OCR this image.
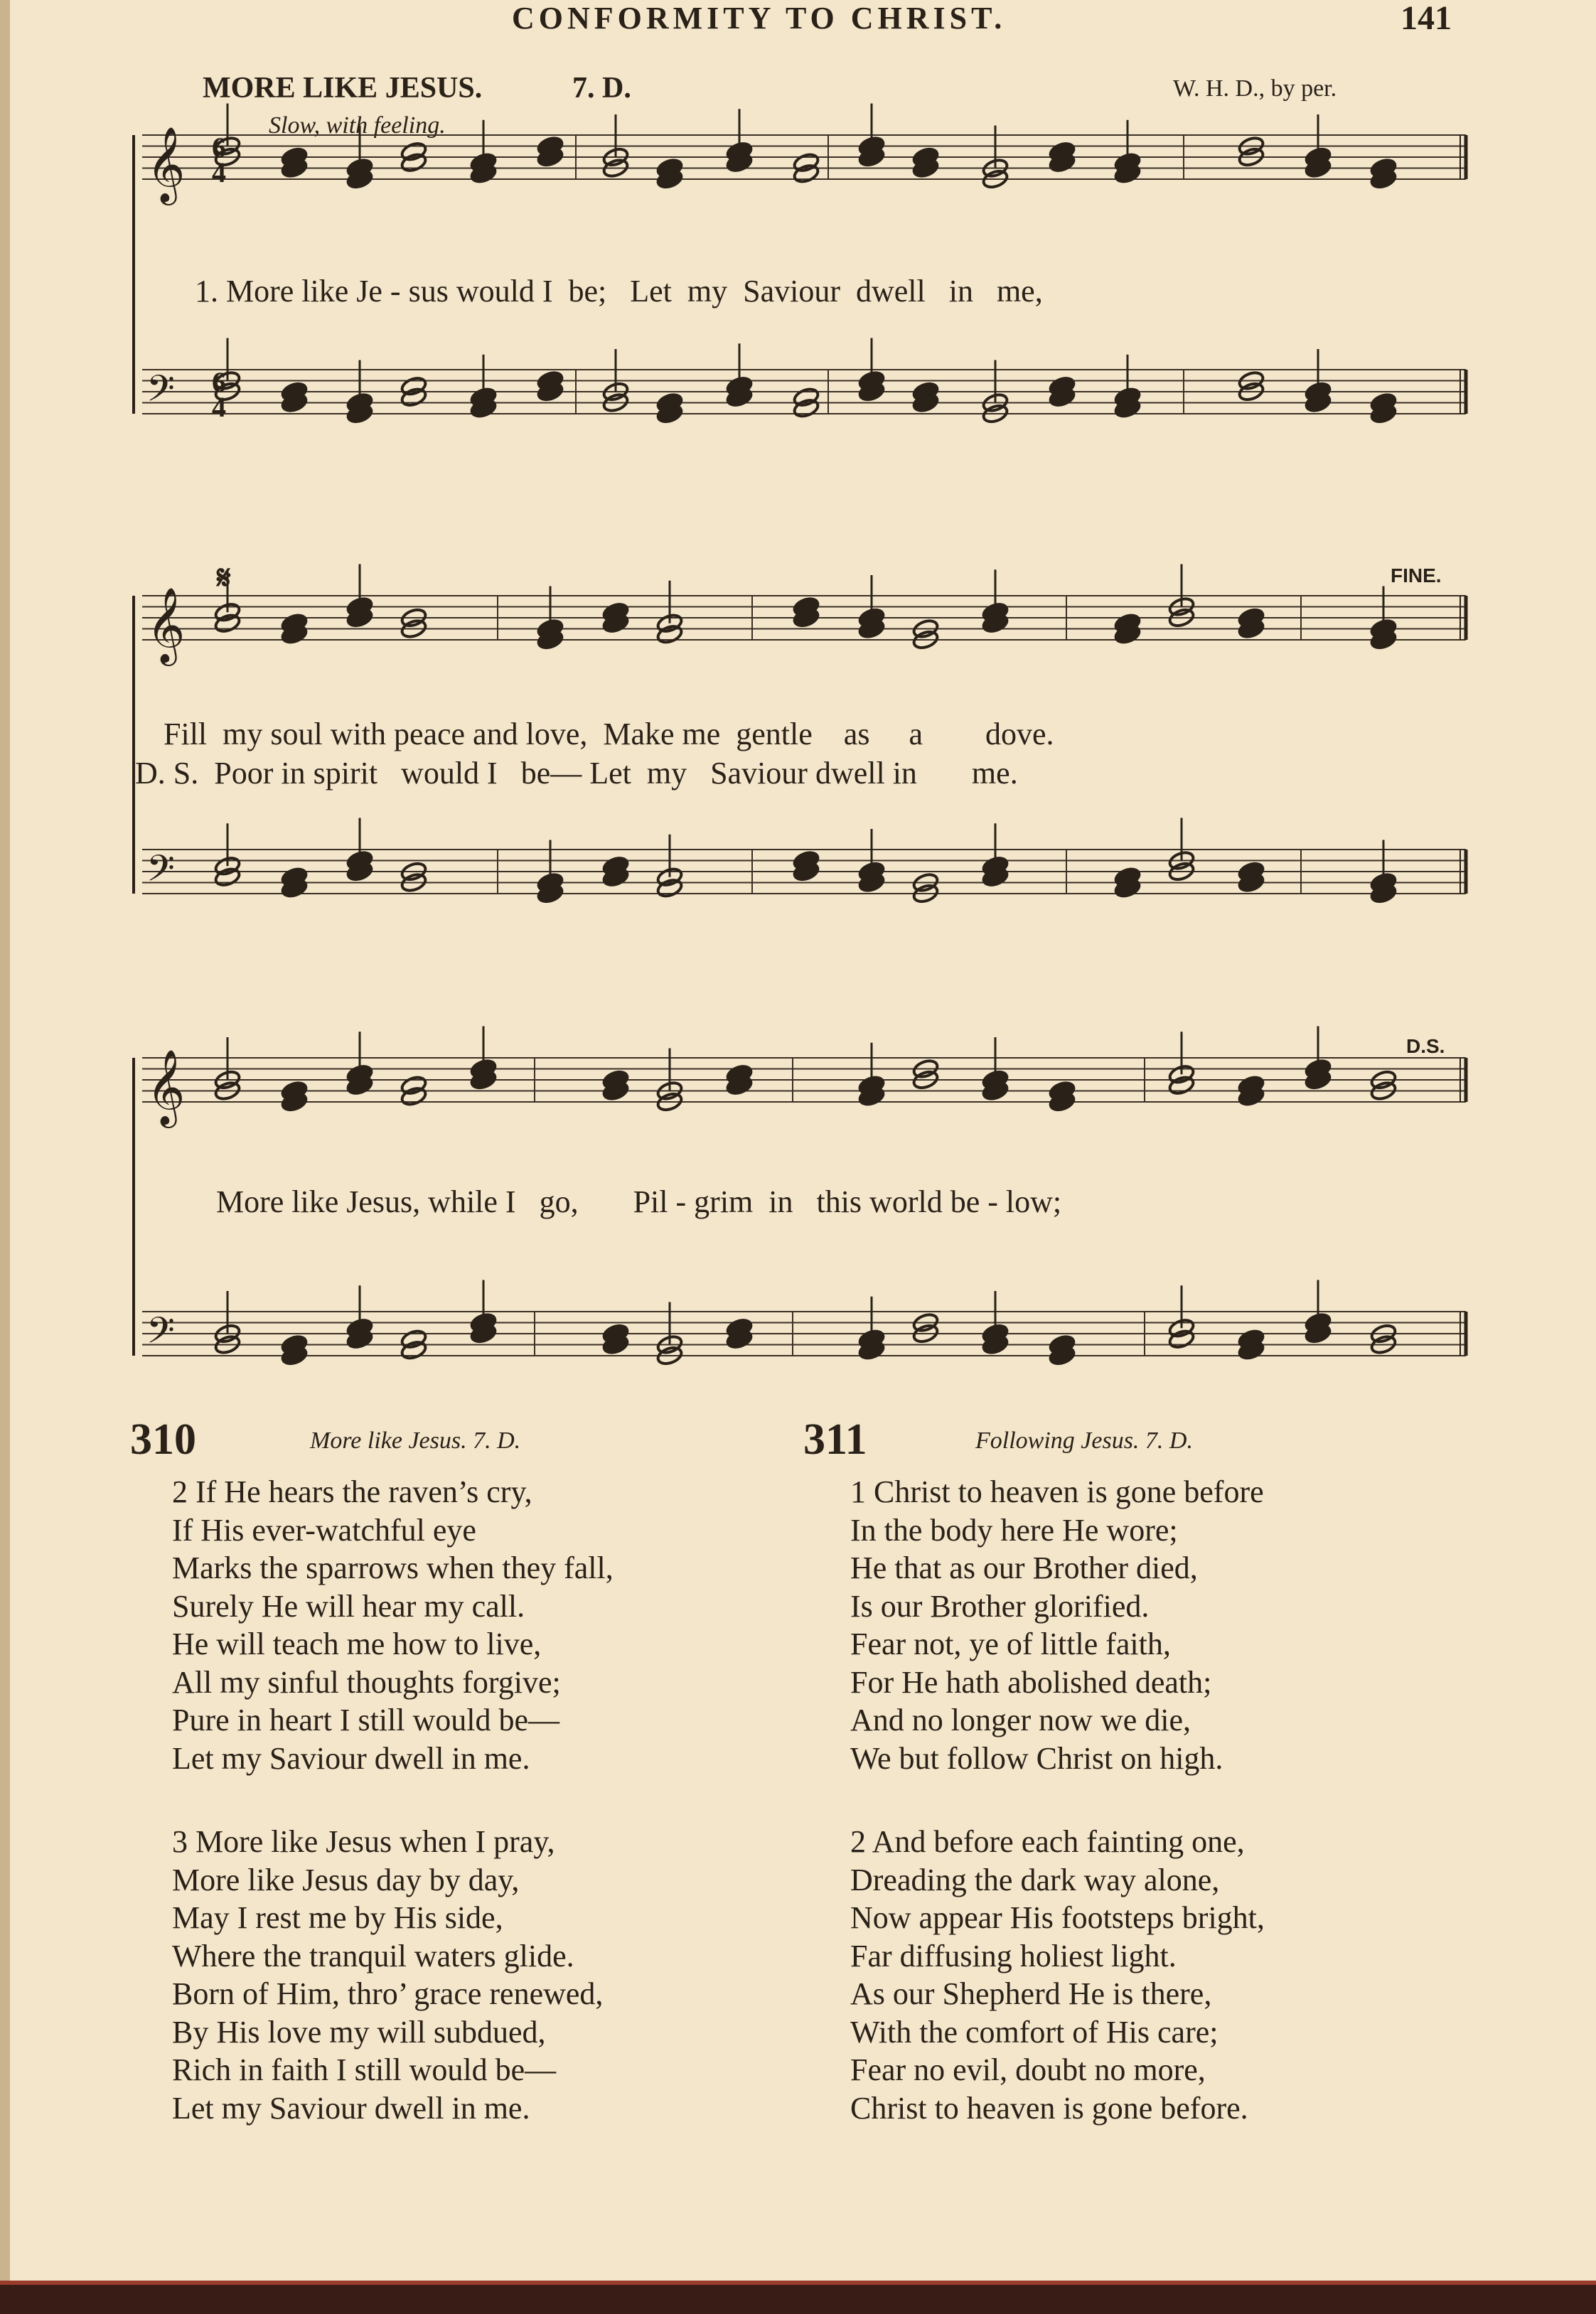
CONFORMITY TO CHRIST.	141
MORE LIKE JESUS.	7. D.	W. H. D., by per.
Slow, with feeling.
𝄞
𝄢
𝄞
𝄢
𝄞
𝄢
6
4
6
4
𝄋	FINE.
D.S.
1. More like Je - sus would I  be;   Let  my  Saviour  dwell   in   me,
Fill  my soul with peace and love,  Make me  gentle    as     a        dove.
D. S.  Poor in spirit   would I   be— Let  my   Saviour dwell in       me.
More like Jesus, while I   go,       Pil - grim  in   this world be - low;
310	More like Jesus. 7. D.	311	Following Jesus. 7. D.
2 If He hears the raven’s cry,
If His ever-watchful eye
Marks the sparrows when they fall,
Surely He will hear my call.
He will teach me how to live,
All my sinful thoughts forgive;
Pure in heart I still would be—
Let my Saviour dwell in me.
3 More like Jesus when I pray,
More like Jesus day by day,
May I rest me by His side,
Where the tranquil waters glide.
Born of Him, thro’ grace renewed,
By His love my will subdued,
Rich in faith I still would be—
Let my Saviour dwell in me.
1 Christ to heaven is gone before
In the body here He wore;
He that as our Brother died,
Is our Brother glorified.
Fear not, ye of little faith,
For He hath abolished death;
And no longer now we die,
We but follow Christ on high.
2 And before each fainting one,
Dreading the dark way alone,
Now appear His footsteps bright,
Far diffusing holiest light.
As our Shepherd He is there,
With the comfort of His care;
Fear no evil, doubt no more,
Christ to heaven is gone before.
